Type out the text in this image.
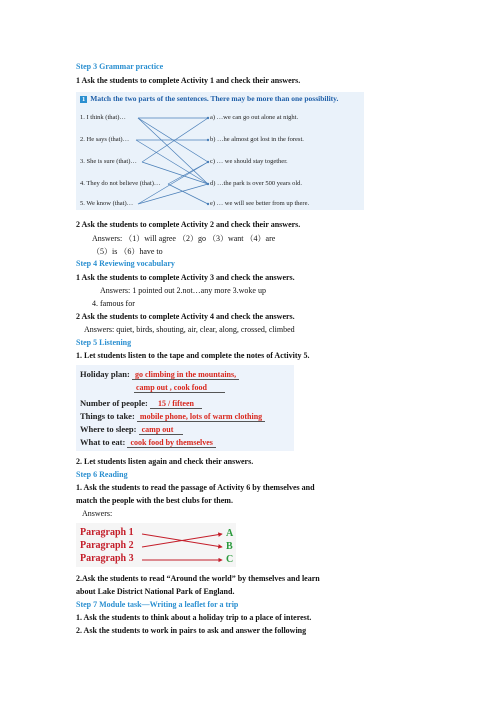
Step 3 Grammar practice
1 Ask the students to complete Activity 1 and check their answers.
1 Match the two parts of the sentences. There may be more than one possibility.
1. I think (that)…
2. He says (that)…
3. She is sure (that)…
4. They do not believe (that)…
5. We know (that)…
a) …we can go out alone at night.
b) …he almost got lost in the forest.
c) … we should stay together.
d) …the park is over 500 years old.
e) … we will see better from up there.
2 Ask the students to complete Activity 2 and check their answers.
Answers: （1）will agree （2）go （3）want （4）are
（5）is （6）have to
Step 4 Reviewing vocabulary
1 Ask the students to complete Activity 3 and check the answers.
Answers: 1 pointed out 2.not…any more 3.woke up
4. famous for
2 Ask the students to complete Activity 4 and check the answers.
Answers: quiet, birds, shouting, air, clear, along, crossed, climbed
Step 5 Listening
1. Let students listen to the tape and complete the notes of Activity 5.
Holiday plan: go climbing in the mountains,
camp out , cook food
Number of people: 15 / fifteen
Things to take: mobile phone, lots of warm clothing
Where to sleep: camp out
What to eat: cook food by themselves
2. Let students listen again and check their answers.
Step 6 Reading
1. Ask the students to read the passage of Activity 6 by themselves and
match the people with the best clubs for them.
Answers:
Paragraph 1
Paragraph 2
Paragraph 3
A
B
C
2.Ask the students to read “Around the world” by themselves and learn
about Lake District National Park of England.
Step 7 Module task—Writing a leaflet for a trip
1. Ask the students to think about a holiday trip to a place of interest.
2. Ask the students to work in pairs to ask and answer the following
